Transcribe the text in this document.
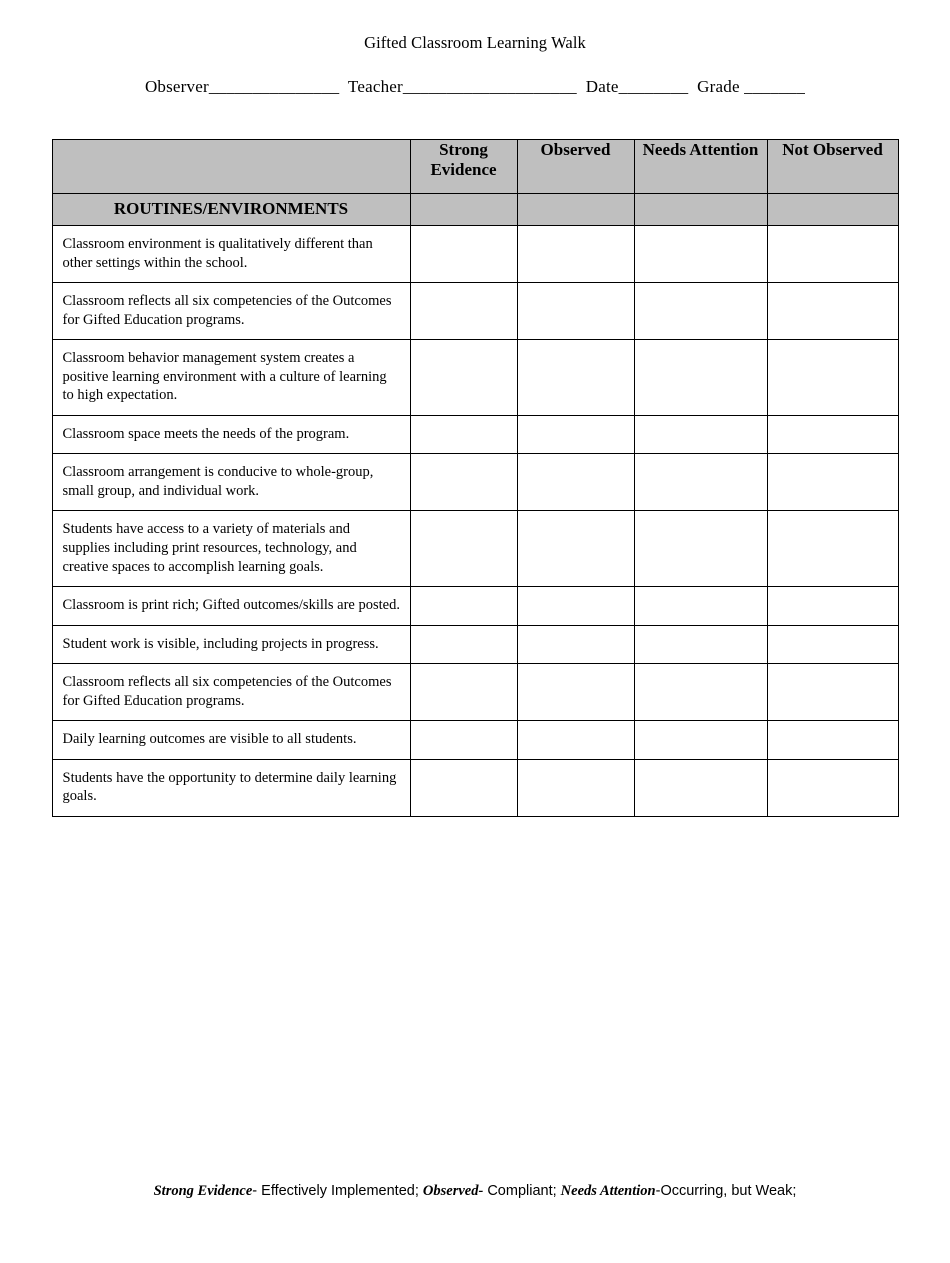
Gifted Classroom Learning Walk
Observer_______________  Teacher____________________  Date________  Grade _______
	Strong Evidence	Observed	Needs Attention	Not Observed
ROUTINES/ENVIRONMENTS				
Classroom environment is qualitatively different than other settings within the school.				
Classroom reflects all six competencies of the Outcomes for Gifted Education programs.				
Classroom behavior management system creates a positive learning environment with a culture of learning to high expectation.				
Classroom space meets the needs of the program.				
Classroom arrangement is conducive to whole-group, small group, and individual work.				
Students have access to a variety of materials and supplies including print resources, technology, and creative spaces to accomplish learning goals.				
Classroom is print rich; Gifted outcomes/skills are posted.				
Student work is visible, including projects in progress.				
Classroom reflects all six competencies of the Outcomes for Gifted Education programs.				
Daily learning outcomes are visible to all students.				
Students have the opportunity to determine daily learning goals.				
Strong Evidence- Effectively Implemented; Observed- Compliant; Needs Attention-Occurring, but Weak;
